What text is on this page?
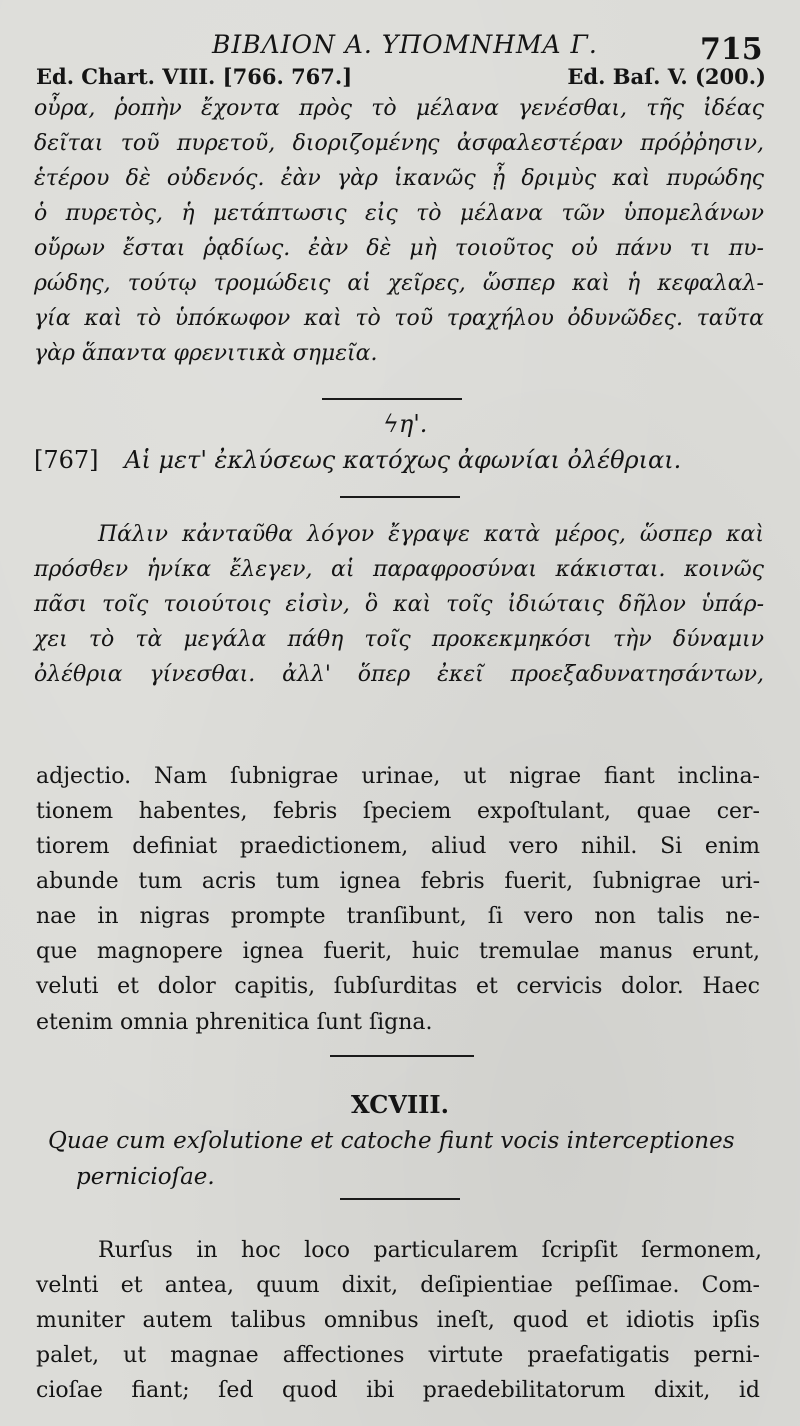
ΒΙΒΛΙΟΝ Α. ΥΠΟΜΝΗΜΑ Γ.	715
Ed. Chart. VIII. [766. 767.]	Ed. Baſ. V. (200.)
οὖρα, ῥοπὴν ἔχοντα πρὸς τὸ μέλανα γενέσθαι, τῆς ἰδέας
δεῖται τοῦ πυρετοῦ, διοριζομένης ἀσφαλεστέραν πρόῤῥησιν,
ἑτέρου δὲ οὐδενός. ἐὰν γὰρ ἱκανῶς ᾖ δριμὺς καὶ πυρώδης
ὁ πυρετὸς, ἡ μετάπτωσις εἰς τὸ μέλανα τῶν ὑπομελάνων
οὔρων ἔσται ῥᾳδίως. ἐὰν δὲ μὴ τοιοῦτος οὐ πάνυ τι πυ-
ρώδης, τούτῳ τρομώδεις αἱ χεῖρες, ὥσπερ καὶ ἡ κεφαλαλ-
γία καὶ τὸ ὑπόκωφον καὶ τὸ τοῦ τραχήλου ὀδυνῶδες. ταῦτα
γὰρ ἅπαντα φρενιτικὰ σημεῖα.
ϟη'.
[767] Αἱ μετ' ἐκλύσεως κατόχως ἀφωνίαι ὀλέθριαι.
Πάλιν κἀνταῦθα λόγον ἔγραψε κατὰ μέρος, ὥσπερ καὶ
πρόσθεν ἡνίκα ἔλεγεν, αἱ παραφροσύναι κάκισται. κοινῶς
πᾶσι τοῖς τοιούτοις εἰσὶν, ὃ καὶ τοῖς ἰδιώταις δῆλον ὑπάρ-
χει τὸ τὰ μεγάλα πάθη τοῖς προκεκμηκόσι τὴν δύναμιν
ὀλέθρια γίνεσθαι. ἀλλ' ὅπερ ἐκεῖ προεξαδυνατησάντων,
adjectio. Nam ſubnigrae urinae, ut nigrae fiant inclina-
tionem habentes, febris ſpeciem expoſtulant, quae cer-
tiorem definiat praedictionem, aliud vero nihil. Si enim
abunde tum acris tum ignea febris fuerit, ſubnigrae uri-
nae in nigras prompte tranſibunt, ſi vero non talis ne-
que magnopere ignea fuerit, huic tremulae manus erunt,
veluti et dolor capitis, ſubſurditas et cervicis dolor. Haec
etenim omnia phrenitica ſunt ſigna.
XCVIII.
Quae cum exſolutione et catoche fiunt vocis interceptiones
pernicioſae.
Rurſus in hoc loco particularem ſcripſit ſermonem,
velnti et antea, quum dixit, deſipientiae peſſimae. Com-
muniter autem talibus omnibus ineſt, quod et idiotis ipſis
palet, ut magnae affectiones virtute praefatigatis perni-
cioſae fiant; ſed quod ibi praedebilitatorum dixit, id
